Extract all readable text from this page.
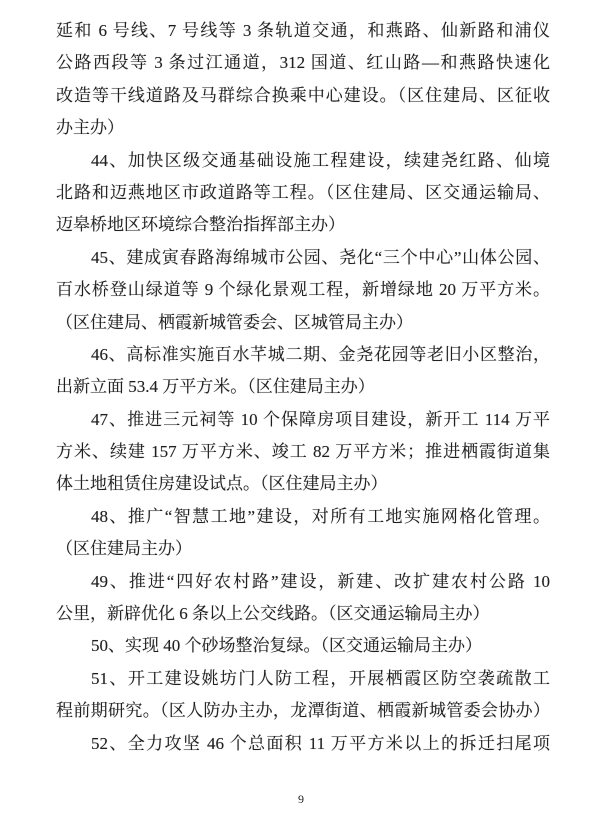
延和 6 号线、7 号线等 3 条轨道交通，和燕路、仙新路和浦仪
公路西段等 3 条过江通道，312 国道、红山路—和燕路快速化
改造等干线道路及马群综合换乘中心建设。（区住建局、区征收
办主办）
44、加快区级交通基础设施工程建设，续建尧红路、仙境
北路和迈燕地区市政道路等工程。（区住建局、区交通运输局、
迈皋桥地区环境综合整治指挥部主办）
45、建成寅春路海绵城市公园、尧化“三个中心”山体公园、
百水桥登山绿道等 9 个绿化景观工程，新增绿地 20 万平方米。
（区住建局、栖霞新城管委会、区城管局主办）
46、高标准实施百水芊城二期、金尧花园等老旧小区整治，
出新立面 53.4 万平方米。（区住建局主办）
47、推进三元祠等 10 个保障房项目建设，新开工 114 万平
方米、续建 157 万平方米、竣工 82 万平方米；推进栖霞街道集
体土地租赁住房建设试点。（区住建局主办）
48、推广“智慧工地”建设，对所有工地实施网格化管理。
（区住建局主办）
49、推进“四好农村路”建设，新建、改扩建农村公路 10
公里，新辟优化 6 条以上公交线路。（区交通运输局主办）
50、实现 40 个砂场整治复绿。（区交通运输局主办）
51、开工建设姚坊门人防工程，开展栖霞区防空袭疏散工
程前期研究。（区人防办主办，龙潭街道、栖霞新城管委会协办）
52、全力攻坚 46 个总面积 11 万平方米以上的拆迁扫尾项
9
